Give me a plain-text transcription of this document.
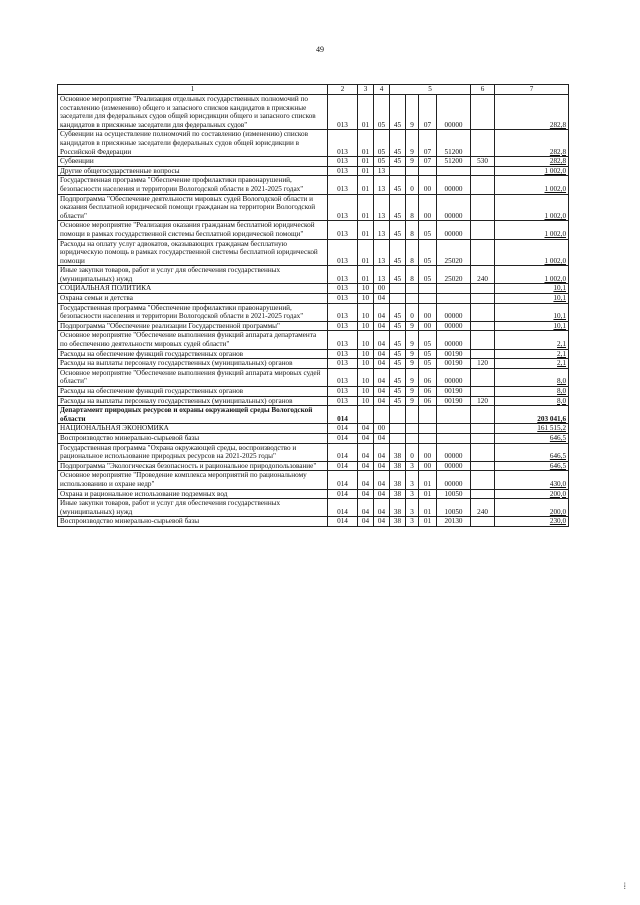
49
1	2	3	4	5				6	7
Основное мероприятие "Реализация отдельных государственных полномочий по составлению (изменению) общего и запасного списков кандидатов в присяжные заседатели для федеральных судов общей юрисдикции общего и запасного списков кандидатов в присяжные заседатели для федеральных судов"	013	01	05	45	9	07	00000		282,8
Субвенции на осуществление полномочий по составлению (изменению) списков кандидатов в присяжные заседатели федеральных судов общей юрисдикции в Российской Федерации	013	01	05	45	9	07	51200		282,8
Субвенции	013	01	05	45	9	07	51200	530	282,8
Другие общегосударственные вопросы	013	01	13						1 002,0
Государственная программа "Обеспечение профилактики правонарушений, безопасности населения и территории Вологодской области в 2021-2025 годах"	013	01	13	45	0	00	00000		1 002,0
Подпрограмма "Обеспечение деятельности мировых судей Вологодской области и оказания бесплатной юридической помощи гражданам на территории Вологодской области"	013	01	13	45	8	00	00000		1 002,0
Основное мероприятие "Реализация оказания гражданам бесплатной юридической помощи в рамках государственной системы бесплатной юридической помощи"	013	01	13	45	8	05	00000		1 002,0
Расходы на оплату услуг адвокатов, оказывающих гражданам бесплатную юридическую помощь в рамках государственной системы бесплатной юридической помощи	013	01	13	45	8	05	25020		1 002,0
Иные закупки товаров, работ и услуг для обеспечения государственных (муниципальных) нужд	013	01	13	45	8	05	25020	240	1 002,0
СОЦИАЛЬНАЯ ПОЛИТИКА	013	10	00						10,1
Охрана семьи и детства	013	10	04						10,1
Государственная программа "Обеспечение профилактики правонарушений, безопасности населения и территории Вологодской области в 2021-2025 годах"	013	10	04	45	0	00	00000		10,1
Подпрограмма "Обеспечение реализации Государственной программы"	013	10	04	45	9	00	00000		10,1
Основное мероприятие "Обеспечение выполнения функций аппарата департамента по обеспечению деятельности мировых судей области"	013	10	04	45	9	05	00000		2,1
Расходы на обеспечение функций государственных органов	013	10	04	45	9	05	00190		2,1
Расходы на выплаты персоналу государственных (муниципальных) органов	013	10	04	45	9	05	00190	120	2,1
Основное мероприятие "Обеспечение выполнения функций аппарата мировых судей области"	013	10	04	45	9	06	00000		8,0
Расходы на обеспечение функций государственных органов	013	10	04	45	9	06	00190		8,0
Расходы на выплаты персоналу государственных (муниципальных) органов	013	10	04	45	9	06	00190	120	8,0
Департамент природных ресурсов и охраны окружающей среды Вологодской области	014								203 041,6
НАЦИОНАЛЬНАЯ ЭКОНОМИКА	014	04	00						161 515,2
Воспроизводство минерально-сырьевой базы	014	04	04						646,5
Государственная программа "Охрана окружающей среды, воспроизводство и рациональное использование природных ресурсов на 2021-2025 годы"	014	04	04	38	0	00	00000		646,5
Подпрограмма "Экологическая безопасность и рациональное природопользование"	014	04	04	38	3	00	00000		646,5
Основное мероприятие "Проведение комплекса мероприятий по рациональному использованию и охране недр"	014	04	04	38	3	01	00000		430,0
Охрана и рациональное использование подземных вод	014	04	04	38	3	01	10050		200,0
Иные закупки товаров, работ и услуг для обеспечения государственных (муниципальных) нужд	014	04	04	38	3	01	10050	240	200,0
Воспроизводство минерально-сырьевой базы	014	04	04	38	3	01	20130		230,0
⁞
